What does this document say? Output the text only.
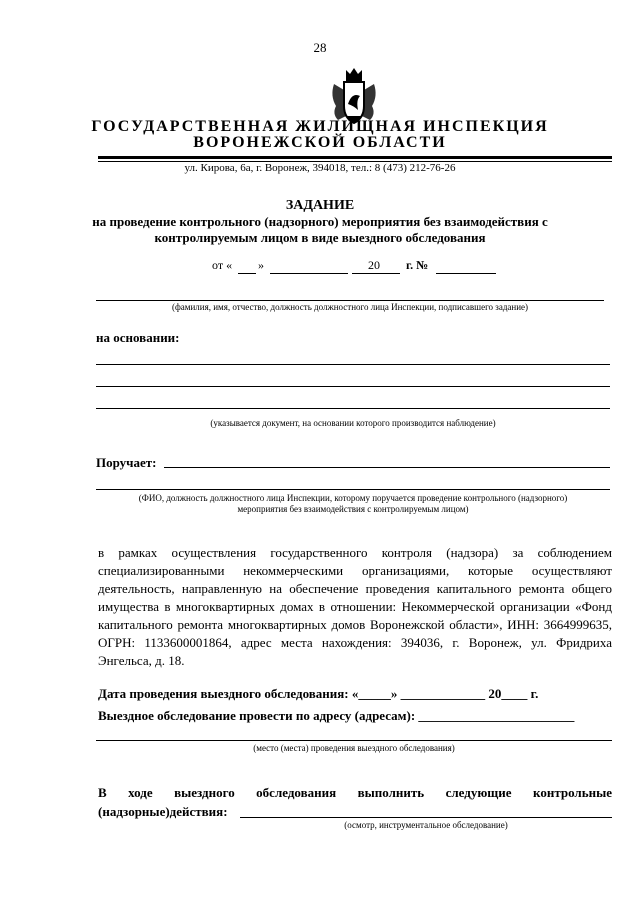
28
ГОСУДАРСТВЕННАЯ ЖИЛИЩНАЯ ИНСПЕКЦИЯ
ВОРОНЕЖСКОЙ ОБЛАСТИ
ул. Кирова, 6а, г. Воронеж, 394018, тел.: 8 (473) 212-76-26
ЗАДАНИЕ
на проведение контрольного (надзорного) мероприятия без взаимодействия с
контролируемым лицом в виде выездного обследования
от « »	20 г. №
(фамилия, имя, отчество, должность должностного лица Инспекции, подписавшего задание)
на основании:
(указывается документ, на основании которого производится наблюдение)
Поручает:
(ФИО, должность должностного лица Инспекции, которому поручается проведение контрольного (надзорного)
мероприятия без взаимодействия с контролируемым лицом)
в рамках осуществления государственного контроля (надзора) за соблюдением специализированными некоммерческими организациями, которые осуществляют деятельность, направленную на обеспечение проведения капитального ремонта общего имущества в многоквартирных домах в отношении: Некоммерческой организации «Фонд капитального ремонта многоквартирных домов Воронежской области», ИНН: 3664999635, ОГРН: 1133600001864, адрес места нахождения: 394036, г. Воронеж, ул. Фридриха Энгельса, д. 18.
Дата проведения выездного обследования: «_____» _____________ 20____ г.
Выездное обследование провести по адресу (адресам): ________________________
(место (места) проведения выездного обследования)
В ходе выездного обследования выполнить следующие контрольные
(надзорные)действия:
(осмотр, инструментальное обследование)
